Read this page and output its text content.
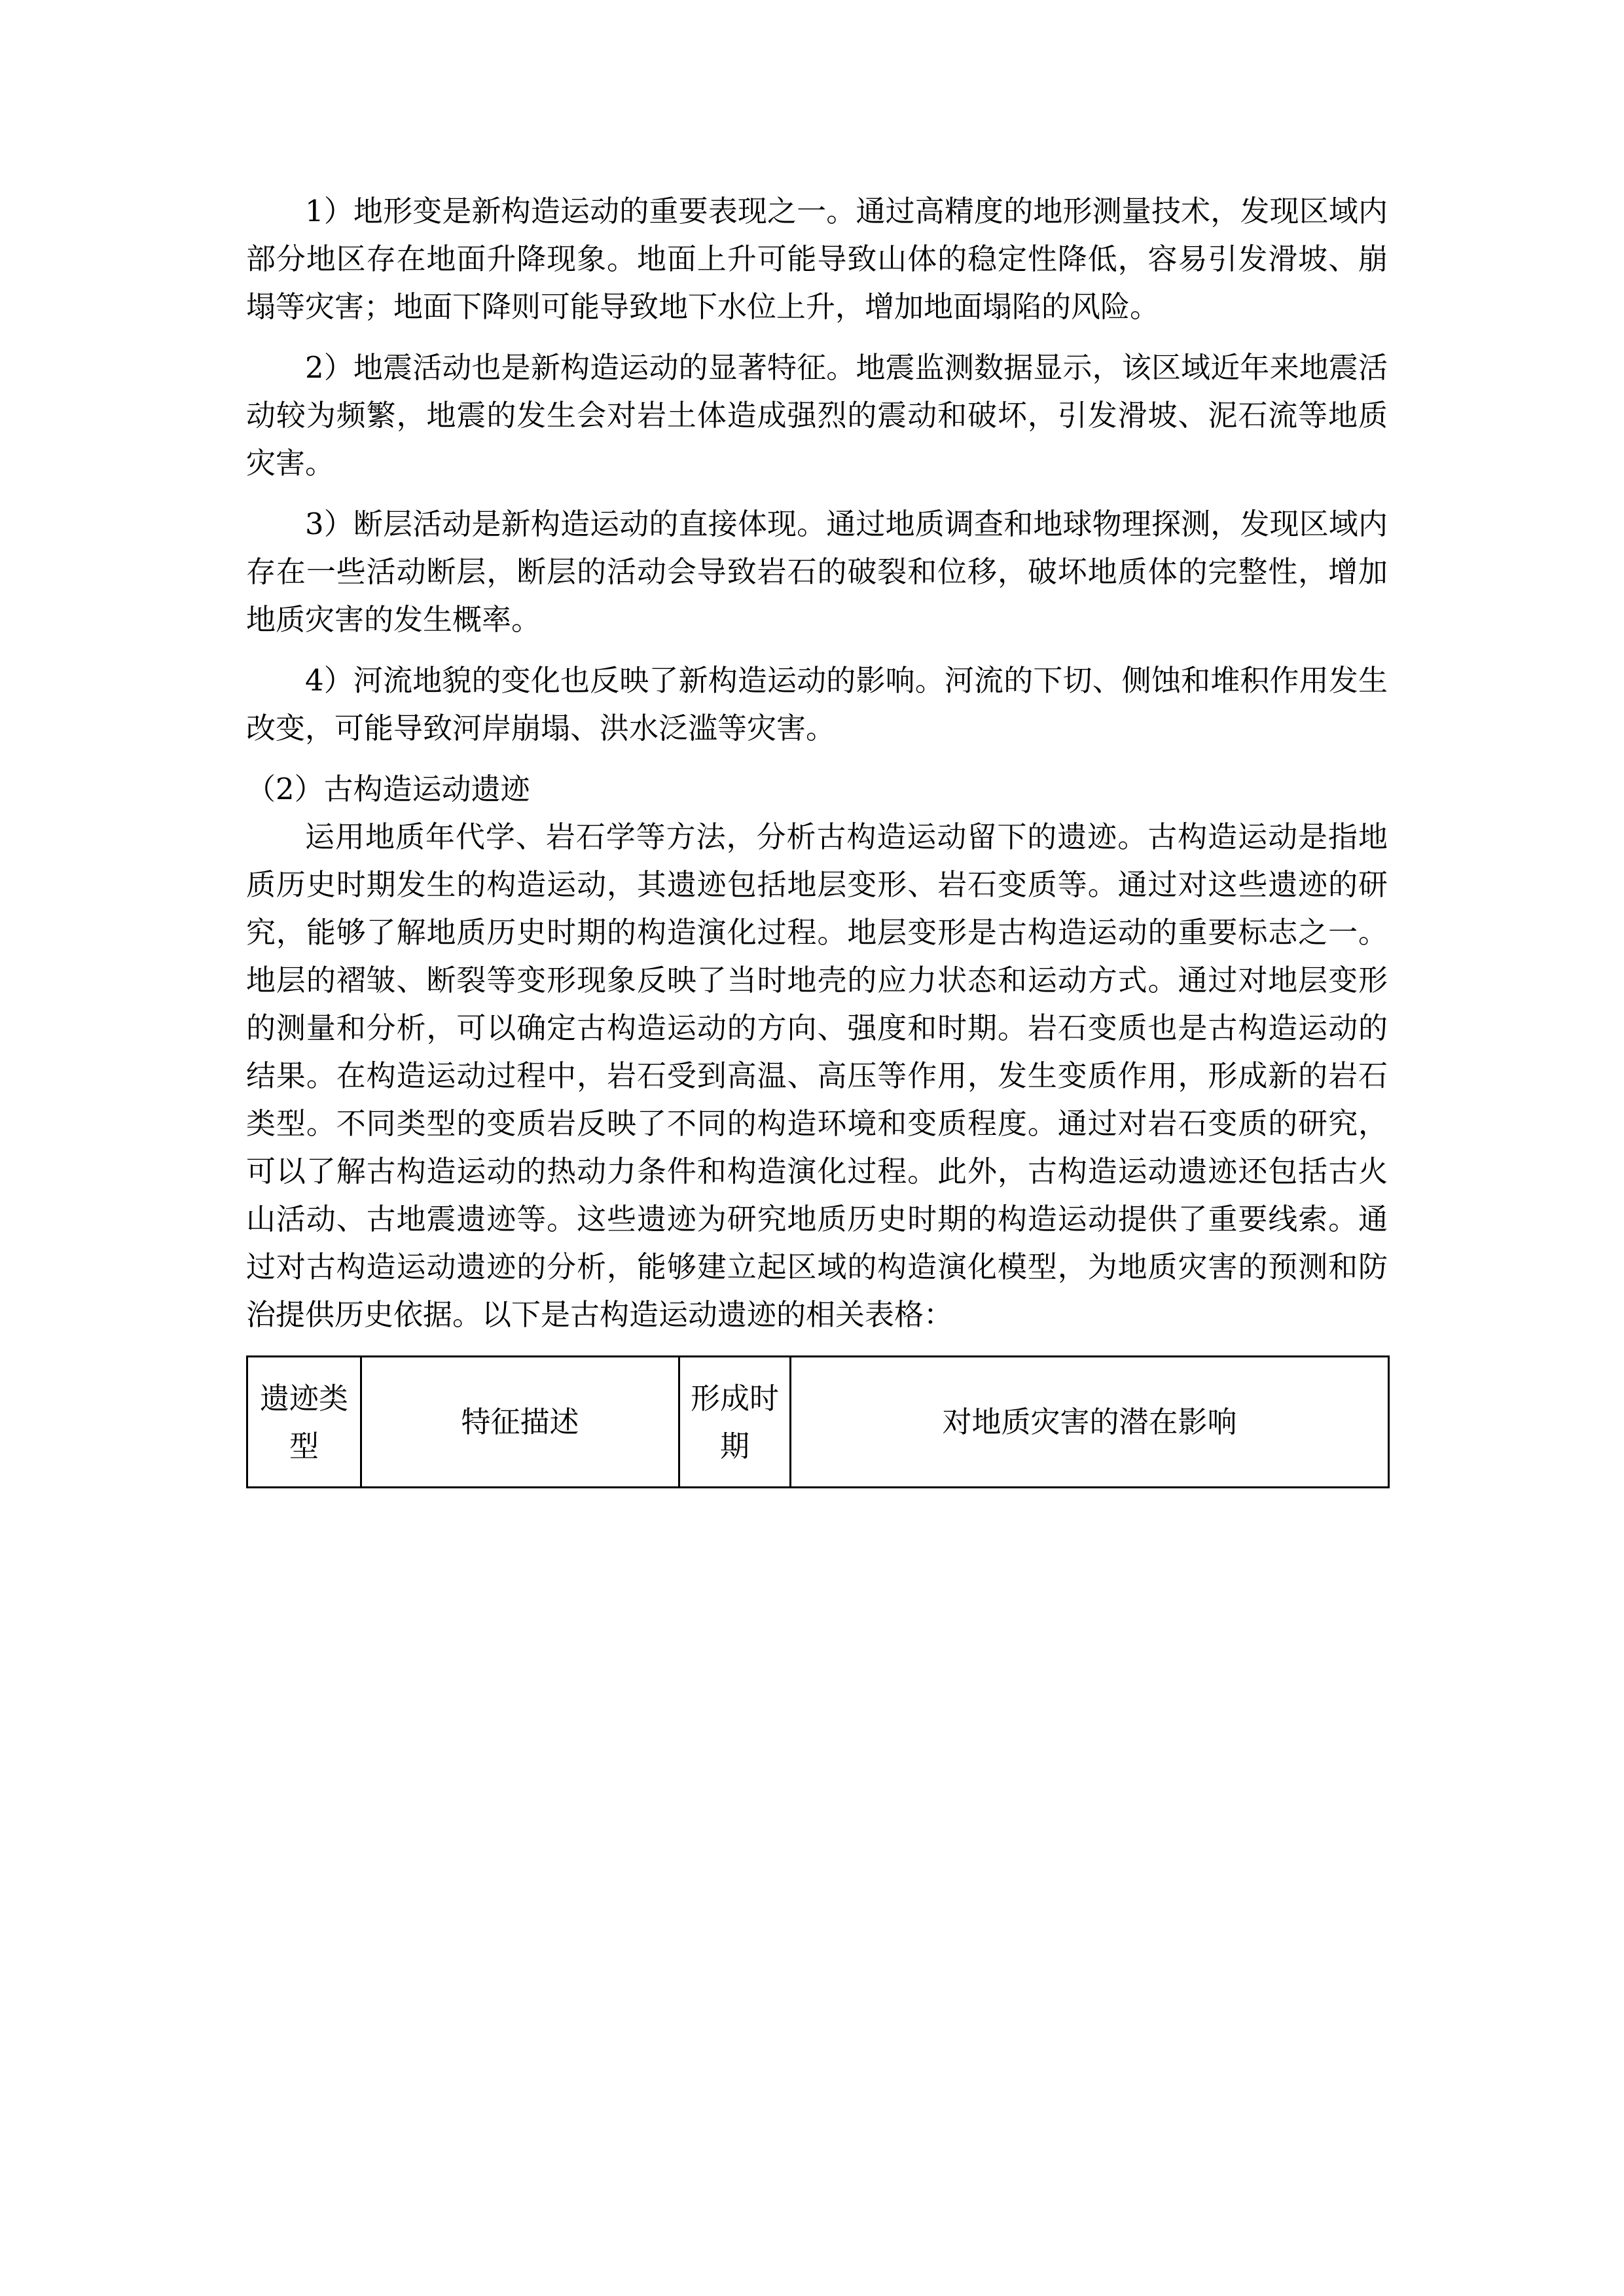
1）地形变是新构造运动的重要表现之一。通过高精度的地形测量技术，发现区域内部分地区存在地面升降现象。地面上升可能导致山体的稳定性降低，容易引发滑坡、崩塌等灾害；地面下降则可能导致地下水位上升，增加地面塌陷的风险。

2）地震活动也是新构造运动的显著特征。地震监测数据显示，该区域近年来地震活动较为频繁，地震的发生会对岩土体造成强烈的震动和破坏，引发滑坡、泥石流等地质灾害。

3）断层活动是新构造运动的直接体现。通过地质调查和地球物理探测，发现区域内存在一些活动断层，断层的活动会导致岩石的破裂和位移，破坏地质体的完整性，增加地质灾害的发生概率。

4）河流地貌的变化也反映了新构造运动的影响。河流的下切、侧蚀和堆积作用发生改变，可能导致河岸崩塌、洪水泛滥等灾害。

（2）古构造运动遗迹

运用地质年代学、岩石学等方法，分析古构造运动留下的遗迹。古构造运动是指地质历史时期发生的构造运动，其遗迹包括地层变形、岩石变质等。通过对这些遗迹的研究，能够了解地质历史时期的构造演化过程。地层变形是古构造运动的重要标志之一。地层的褶皱、断裂等变形现象反映了当时地壳的应力状态和运动方式。通过对地层变形的测量和分析，可以确定古构造运动的方向、强度和时期。岩石变质也是古构造运动的结果。在构造运动过程中，岩石受到高温、高压等作用，发生变质作用，形成新的岩石类型。不同类型的变质岩反映了不同的构造环境和变质程度。通过对岩石变质的研究，可以了解古构造运动的热动力条件和构造演化过程。此外，古构造运动遗迹还包括古火山活动、古地震遗迹等。这些遗迹为研究地质历史时期的构造运动提供了重要线索。通过对古构造运动遗迹的分析，能够建立起区域的构造演化模型，为地质灾害的预测和防治提供历史依据。以下是古构造运动遗迹的相关表格：

遗迹类型	特征描述	形成时期	对地质灾害的潜在影响
